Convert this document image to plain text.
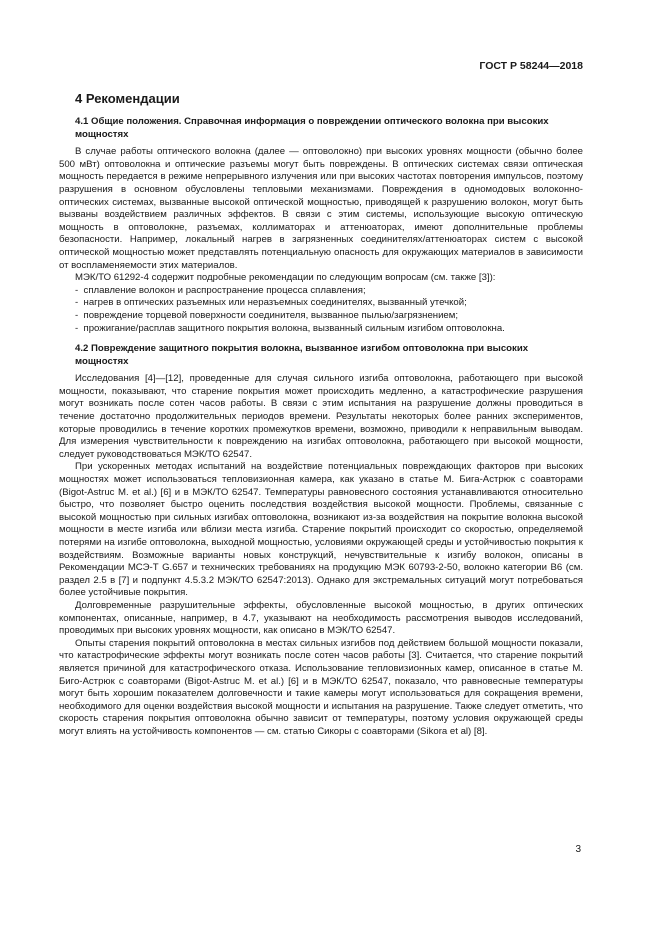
ГОСТ Р 58244—2018
4 Рекомендации
4.1 Общие положения. Справочная информация о повреждении оптического волокна при высоких мощностях

В случае работы оптического волокна (далее — оптоволокно) при высоких уровнях мощности (обычно более 500 мВт) оптоволокна и оптические разъемы могут быть повреждены. В оптических системах связи оптическая мощность передается в режиме непрерывного излучения или при высоких частотах повторения импульсов, поэтому разрушения в основном обусловлены тепловыми механизмами. Повреждения в одномодовых волоконно-оптических системах, вызванные высокой оптической мощностью, приводящей к разрушению волокон, могут быть вызваны воздействием различных эффектов. В связи с этим системы, использующие высокую оптическую мощность в оптоволокне, разъемах, коллиматорах и аттенюаторах, имеют дополнительные проблемы безопасности. Например, локальный нагрев в загрязненных соединителях/аттенюаторах систем с высокой оптической мощностью может представлять потенциальную опасность для окружающих материалов в зависимости от воспламеняемости этих материалов.

МЭК/ТО 61292-4 содержит подробные рекомендации по следующим вопросам (см. также [3]):

-  сплавление волокон и распространение процесса сплавления;
-  нагрев в оптических разъемных или неразъемных соединителях, вызванный утечкой;
-  повреждение торцевой поверхности соединителя, вызванное пылью/загрязнением;
-  прожигание/расплав защитного покрытия волокна, вызванный сильным изгибом оптоволокна.
4.2 Повреждение защитного покрытия волокна, вызванное изгибом оптоволокна при высоких мощностях

Исследования [4]—[12], проведенные для случая сильного изгиба оптоволокна, работающего при высокой мощности, показывают, что старение покрытия может происходить медленно, а катастрофические разрушения могут возникать после сотен часов работы. В связи с этим испытания на разрушение должны проводиться в течение достаточно продолжительных периодов времени. Результаты некоторых более ранних экспериментов, которые проводились в течение коротких промежутков времени, возможно, приводили к неправильным выводам. Для измерения чувствительности к повреждению на изгибах оптоволокна, работающего при высокой мощности, следует руководствоваться МЭК/ТО 62547.

При ускоренных методах испытаний на воздействие потенциальных повреждающих факторов при высоких мощностях может использоваться тепловизионная камера, как указано в статье М. Бига-Астрюк с соавторами (Bigot-Astruc M. et al.) [6] и в МЭК/ТО 62547. Температуры равновесного состояния устанавливаются относительно быстро, что позволяет быстро оценить последствия воздействия высокой мощности. Проблемы, связанные с высокой мощностью при сильных изгибах оптоволокна, возникают из-за воздействия на покрытие волокна высокой мощности в месте изгиба или вблизи места изгиба. Старение покрытий происходит со скоростью, определяемой потерями на изгибе оптоволокна, выходной мощностью, условиями окружающей среды и устойчивостью покрытия к воздействиям. Возможные варианты новых конструкций, нечувствительные к изгибу волокон, описаны в Рекомендации МСЭ-Т G.657 и технических требованиях на продукцию МЭК 60793-2-50, волокно категории В6 (см. раздел 2.5 в [7] и подпункт 4.5.3.2 МЭК/ТО 62547:2013). Однако для экстремальных ситуаций могут потребоваться более устойчивые покрытия.

Долговременные разрушительные эффекты, обусловленные высокой мощностью, в других оптических компонентах, описанные, например, в 4.7, указывают на необходимость рассмотрения выводов исследований, проводимых при высоких уровнях мощности, как описано в МЭК/ТО 62547.

Опыты старения покрытий оптоволокна в местах сильных изгибов под действием большой мощности показали, что катастрофические эффекты могут возникать после сотен часов работы [3]. Считается, что старение покрытий является причиной для катастрофического отказа. Использование тепловизионных камер, описанное в статье М. Биго-Астрюк с соавторами (Bigot-Astruc M. et al.) [6] и в МЭК/ТО 62547, показало, что равновесные температуры могут быть хорошим показателем долговечности и такие камеры могут использоваться для сокращения времени, необходимого для оценки воздействия высокой мощности и испытания на разрушение. Также следует отметить, что скорость старения покрытия оптоволокна обычно зависит от температуры, поэтому условия окружающей среды могут влиять на устойчивость компонентов — см. статью Сикоры с соавторами (Sikora et al) [8].

3
